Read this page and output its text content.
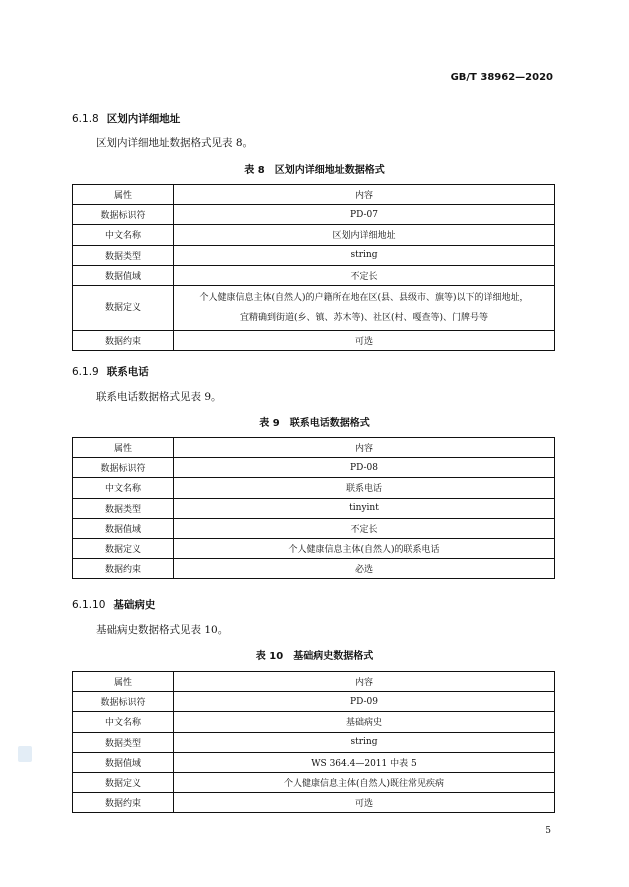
GB/T 38962—2020
6.1.8 区划内详细地址
区划内详细地址数据格式见表 8。
表 8 区划内详细地址数据格式
属性	内容
数据标识符	PD-07
中文名称	区划内详细地址
数据类型	string
数据值域	不定长
数据定义	个人健康信息主体(自然人)的户籍所在地在区(县、县级市、旗等)以下的详细地址，
宜精确到街道(乡、镇、苏木等)、社区(村、嘎查等)、门牌号等
数据约束	可选
6.1.9 联系电话
联系电话数据格式见表 9。
表 9 联系电话数据格式
属性	内容
数据标识符	PD-08
中文名称	联系电话
数据类型	tinyint
数据值域	不定长
数据定义	个人健康信息主体(自然人)的联系电话
数据约束	必选
6.1.10 基础病史
基础病史数据格式见表 10。
表 10 基础病史数据格式
属性	内容
数据标识符	PD-09
中文名称	基础病史
数据类型	string
数据值域	WS 364.4—2011 中表 5
数据定义	个人健康信息主体(自然人)既往常见疾病
数据约束	可选
5
